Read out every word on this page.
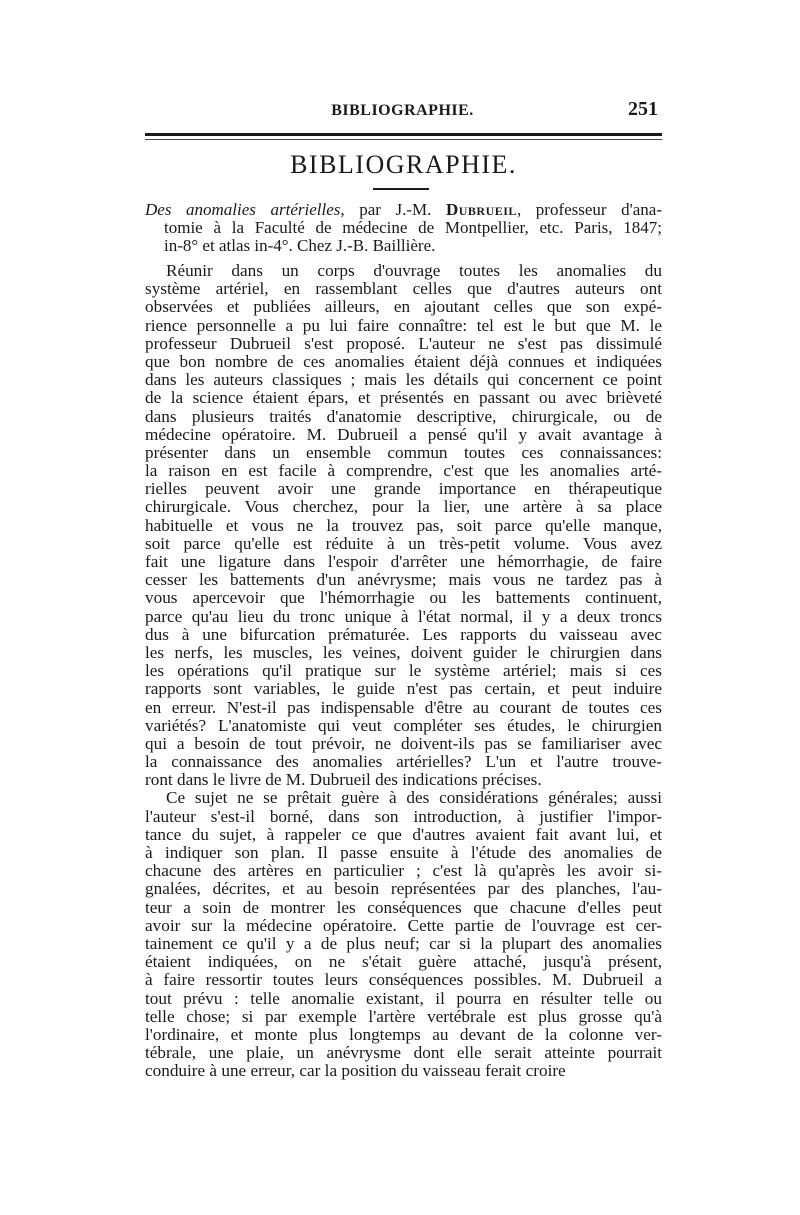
BIBLIOGRAPHIE.	251
BIBLIOGRAPHIE.
Des anomalies artérielles, par J.-M. Dubrueil, professeur d'ana-
tomie à la Faculté de médecine de Montpellier, etc. Paris, 1847;
in-8° et atlas in-4°. Chez J.-B. Baillière.
Réunir dans un corps d'ouvrage toutes les anomalies du
système artériel, en rassemblant celles que d'autres auteurs ont
observées et publiées ailleurs, en ajoutant celles que son expé-
rience personnelle a pu lui faire connaître: tel est le but que M. le
professeur Dubrueil s'est proposé. L'auteur ne s'est pas dissimulé
que bon nombre de ces anomalies étaient déjà connues et indiquées
dans les auteurs classiques ; mais les détails qui concernent ce point
de la science étaient épars, et présentés en passant ou avec brièveté
dans plusieurs traités d'anatomie descriptive, chirurgicale, ou de
médecine opératoire. M. Dubrueil a pensé qu'il y avait avantage à
présenter dans un ensemble commun toutes ces connaissances:
la raison en est facile à comprendre, c'est que les anomalies arté-
rielles peuvent avoir une grande importance en thérapeutique
chirurgicale. Vous cherchez, pour la lier, une artère à sa place
habituelle et vous ne la trouvez pas, soit parce qu'elle manque,
soit parce qu'elle est réduite à un très-petit volume. Vous avez
fait une ligature dans l'espoir d'arrêter une hémorrhagie, de faire
cesser les battements d'un anévrysme; mais vous ne tardez pas à
vous apercevoir que l'hémorrhagie ou les battements continuent,
parce qu'au lieu du tronc unique à l'état normal, il y a deux troncs
dus à une bifurcation prématurée. Les rapports du vaisseau avec
les nerfs, les muscles, les veines, doivent guider le chirurgien dans
les opérations qu'il pratique sur le système artériel; mais si ces
rapports sont variables, le guide n'est pas certain, et peut induire
en erreur. N'est-il pas indispensable d'être au courant de toutes ces
variétés? L'anatomiste qui veut compléter ses études, le chirurgien
qui a besoin de tout prévoir, ne doivent-ils pas se familiariser avec
la connaissance des anomalies artérielles? L'un et l'autre trouve-
ront dans le livre de M. Dubrueil des indications précises.
Ce sujet ne se prêtait guère à des considérations générales; aussi
l'auteur s'est-il borné, dans son introduction, à justifier l'impor-
tance du sujet, à rappeler ce que d'autres avaient fait avant lui, et
à indiquer son plan. Il passe ensuite à l'étude des anomalies de
chacune des artères en particulier ; c'est là qu'après les avoir si-
gnalées, décrites, et au besoin représentées par des planches, l'au-
teur a soin de montrer les conséquences que chacune d'elles peut
avoir sur la médecine opératoire. Cette partie de l'ouvrage est cer-
tainement ce qu'il y a de plus neuf; car si la plupart des anomalies
étaient indiquées, on ne s'était guère attaché, jusqu'à présent,
à faire ressortir toutes leurs conséquences possibles. M. Dubrueil a
tout prévu : telle anomalie existant, il pourra en résulter telle ou
telle chose; si par exemple l'artère vertébrale est plus grosse qu'à
l'ordinaire, et monte plus longtemps au devant de la colonne ver-
tébrale, une plaie, un anévrysme dont elle serait atteinte pourrait
conduire à une erreur, car la position du vaisseau ferait croire
